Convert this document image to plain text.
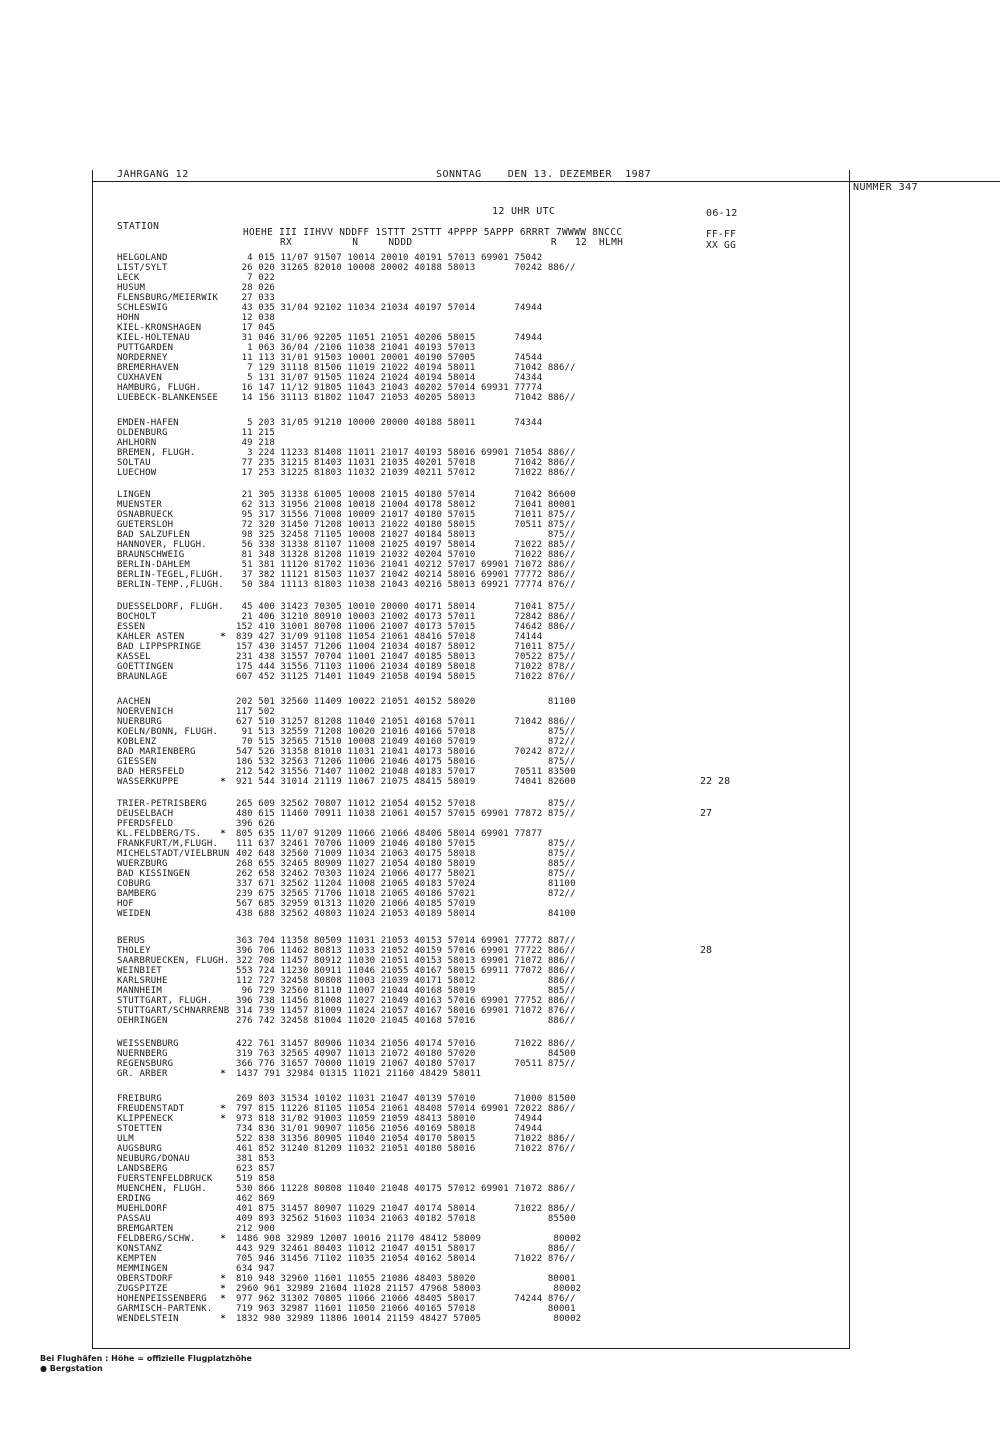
JAHRGANG 12	SONNTAG    DEN 13. DEZEMBER  1987
NUMMER 347
12 UHR UTC	06-12
STATION
HOEHE III IIHVV NDDFF 1STTT 2STTT 4PPPP 5APPP 6RRRT 7WWWW 8NCCC
RX          N     NDDD                       R   12  HLMH
FF-FF
XX GG
HELGOLAND	4 015 11/07 91507 10014 20010 40191 57013 69901 75042
LIST/SYLT	26 020 31265 82010 10008 20002 40188 58013       70242 886//
LECK	7 022
HUSUM	28 026
FLENSBURG/MEIERWIK	27 033
SCHLESWIG	43 035 31/04 92102 11034 21034 40197 57014       74944
HOHN	12 038
KIEL-KRONSHAGEN	17 045
KIEL-HOLTENAU	31 046 31/06 92205 11051 21051 40206 58015       74944
PUTTGARDEN	1 063 36/04 /2106 11038 21041 40193 57013
NORDERNEY	11 113 31/01 91503 10001 20001 40190 57005       74544
BREMERHAVEN	7 129 31118 81506 11019 21022 40194 58011       71042 886//
CUXHAVEN	5 131 31/07 91505 11024 21024 40194 58014       74344
HAMBURG, FLUGH.	16 147 11/12 91805 11043 21043 40202 57014 69931 77774
LUEBECK-BLANKENSEE	14 156 31113 81802 11047 21053 40205 58013       71042 886//
EMDEN-HAFEN	5 203 31/05 91210 10000 20000 40188 58011       74344
OLDENBURG	11 215
AHLHORN	49 218
BREMEN, FLUGH.	3 224 11233 81408 11011 21017 40193 58016 69901 71054 886//
SOLTAU	77 235 31215 81403 11031 21035 40201 57018       71042 886//
LUECHOW	17 253 31225 81803 11032 21039 40211 57012       71022 886//
LINGEN	21 305 31338 61005 10008 21015 40180 57014       71042 86600
MUENSTER	62 313 31956 21008 10018 21004 40178 58012       71041 80001
OSNABRUECK	95 317 31556 71008 10009 21017 40180 57015       71011 875//
GUETERSLOH	72 320 31450 71208 10013 21022 40180 58015       70511 875//
BAD SALZUFLEN	98 325 32458 71105 10008 21027 40184 58013             875//
HANNOVER, FLUGH.	56 338 31338 81107 11008 21025 40197 58014       71022 885//
BRAUNSCHWEIG	81 348 31328 81208 11019 21032 40204 57010       71022 886//
BERLIN-DAHLEM	51 381 11120 81702 11036 21041 40212 57017 69901 71072 886//
BERLIN-TEGEL,FLUGH.	37 382 11121 81503 11037 21042 40214 58016 69901 77772 886//
BERLIN-TEMP.,FLUGH.	50 384 11113 81803 11038 21043 40216 58013 69921 77774 876//
DUESSELDORF, FLUGH.	45 400 31423 70305 10010 20000 40171 58014       71041 875//
BOCHOLT	21 406 31210 80910 10003 21002 40173 57011       72842 886//
ESSEN	152 410 31001 80708 11006 21007 40173 57015       74642 886//
KAHLER ASTEN	* 839 427 31/09 91108 11054 21061 48416 57018       74144
BAD LIPPSPRINGE	157 430 31457 71206 11004 21034 40187 58012       71011 875//
KASSEL	231 438 31557 70704 11001 21047 40185 58013       70522 875//
GOETTINGEN	175 444 31556 71103 11006 21034 40189 58018       71022 878//
BRAUNLAGE	607 452 31125 71401 11049 21058 40194 58015       71022 876//
AACHEN	202 501 32560 11409 10022 21051 40152 58020             81100
NOERVENICH	117 502
NUERBURG	627 510 31257 81208 11040 21051 40168 57011       71042 886//
KOELN/BONN, FLUGH.	91 513 32559 71208 10020 21016 40166 57018             875//
KOBLENZ	70 515 32565 71510 10008 21049 40160 57019             872//
BAD MARIENBERG	547 526 31358 81010 11031 21041 40173 58016       70242 872//
GIESSEN	186 532 32563 71206 11006 21046 40175 58016             875//
BAD HERSFELD	212 542 31556 71407 11002 21048 40183 57017       70511 83500
WASSERKUPPE	* 921 544 31014 21119 11067 21075 48415 58019       74041 82600	22 28
TRIER-PETRISBERG	265 609 32562 70807 11012 21054 40152 57018             875//
DEUSELBACH	480 615 11460 70911 11038 21061 40157 57015 69901 77872 875//	27
PFERDSFELD	396 626
KL.FELDBERG/TS.	* 805 635 11/07 91209 11066 21066 48406 58014 69901 77877
FRANKFURT/M,FLUGH.	111 637 32461 70706 11009 21046 40180 57015             875//
MICHELSTADT/VIELBRUN 402 648 32560 71009 11034 21063 40175 58018             875//
WUERZBURG	268 655 32465 80909 11027 21054 40180 58019             885//
BAD KISSINGEN	262 658 32462 70303 11024 21066 40177 58021             875//
COBURG	337 671 32562 11204 11008 21065 40183 57024             81100
BAMBERG	239 675 32565 71706 11018 21065 40186 57021             872//
HOF	567 685 32959 01313 11020 21066 40185 57019
WEIDEN	438 688 32562 40803 11024 21053 40189 58014             84100
BERUS	363 704 11358 80509 11031 21053 40153 57014 69901 77772 887//
THOLEY	396 706 11462 80813 11033 21052 40159 57016 69901 77722 886//	28
SAARBRUECKEN, FLUGH. 322 708 11457 80912 11030 21051 40153 58013 69901 71072 886//
WEINBIET	553 724 11230 80911 11046 21055 40167 58015 69911 77072 886//
KARLSRUHE	112 727 32458 80808 11003 21039 40171 58012             886//
MANNHEIM	96 729 32560 81110 11007 21044 40168 58019             885//
STUTTGART, FLUGH.	396 738 11456 81008 11027 21049 40163 57016 69901 77752 886//
STUTTGART/SCHNARRENB 314 739 11457 81009 11024 21057 40167 58016 69901 71072 876//
OEHRINGEN	276 742 32458 81004 11020 21045 40168 57016             886//
WEISSENBURG	422 761 31457 80906 11034 21056 40174 57016       71022 886//
NUERNBERG	319 763 32565 40907 11013 21072 40180 57020             84500
REGENSBURG	366 776 31657 70000 11019 21067 40180 57017       70511 875//
GR. ARBER	* 1437 791 32984 01315 11021 21160 48429 58011
FREIBURG	269 803 31534 10102 11031 21047 40139 57010       71000 81500
FREUDENSTADT	* 797 815 11226 81105 11054 21061 48408 57014 69901 72022 886//
KLIPPENECK	* 973 818 31/02 91003 11059 21059 48413 58010       74944
STOETTEN	734 836 31/01 90907 11056 21056 40169 58018       74944
ULM	522 838 31356 80905 11040 21054 40170 58015       71022 886//
AUGSBURG	461 852 31240 81209 11032 21051 40180 58016       71022 876//
NEUBURG/DONAU	381 853
LANDSBERG	623 857
FUERSTENFELDBRUCK	519 858
MUENCHEN, FLUGH.	530 866 11228 80808 11040 21048 40175 57012 69901 71072 886//
ERDING	462 869
MUEHLDORF	401 875 31457 80907 11029 21047 40174 58014       71022 886//
PASSAU	409 893 32562 51603 11034 21063 40182 57018             85500
BREMGARTEN	212 900
FELDBERG/SCHW.	* 1486 908 32989 12007 10016 21170 48412 58009             80002
KONSTANZ	443 929 32461 80403 11012 21047 40151 58017             886//
KEMPTEN	705 946 31456 71102 11035 21054 40162 58014       71022 876//
MEMMINGEN	634 947
OBERSTDORF	* 810 948 32960 11601 11055 21086 48403 58020             80001
ZUGSPITZE	* 2960 961 32989 21604 11028 21157 47968 58003             80002
HOHENPEISSENBERG	* 977 962 31302 70805 11066 21066 48405 58017       74244 876//
GARMISCH-PARTENK.	719 963 32987 11601 11050 21066 40165 57018             80001
WENDELSTEIN	* 1832 980 32989 11806 10014 21159 48427 57005             80002
Bei Flughäfen : Höhe = offizielle Flugplatzhöhe
● Bergstation
